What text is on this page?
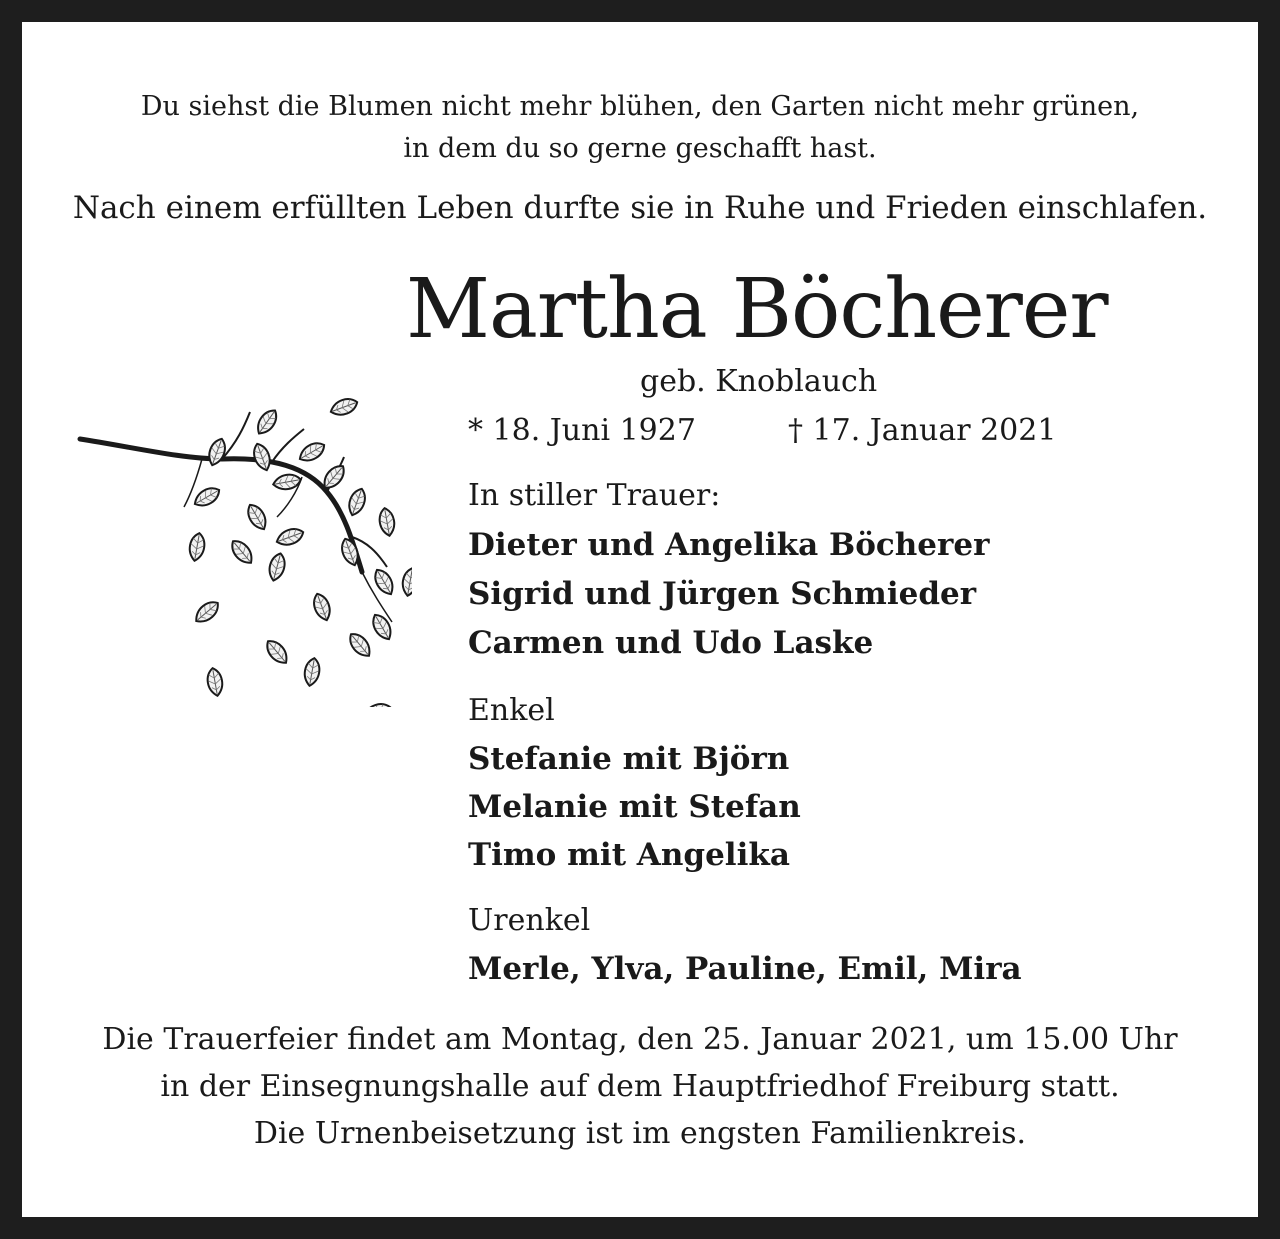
Du siehst die Blumen nicht mehr blühen, den Garten nicht mehr grünen,
in dem du so gerne geschafft hast.
Nach einem erfüllten Leben durfte sie in Ruhe und Frieden einschlafen.
Martha Böcherer
geb. Knoblauch
* 18. Juni 1927	† 17. Januar 2021
In stiller Trauer:
Dieter und Angelika Böcherer
Sigrid und Jürgen Schmieder
Carmen und Udo Laske
Enkel
Stefanie mit Björn
Melanie mit Stefan
Timo mit Angelika
Urenkel
Merle, Ylva, Pauline, Emil, Mira
Die Trauerfeier findet am Montag, den 25. Januar 2021, um 15.00 Uhr
in der Einsegnungshalle auf dem Hauptfriedhof Freiburg statt.
Die Urnenbeisetzung ist im engsten Familienkreis.
